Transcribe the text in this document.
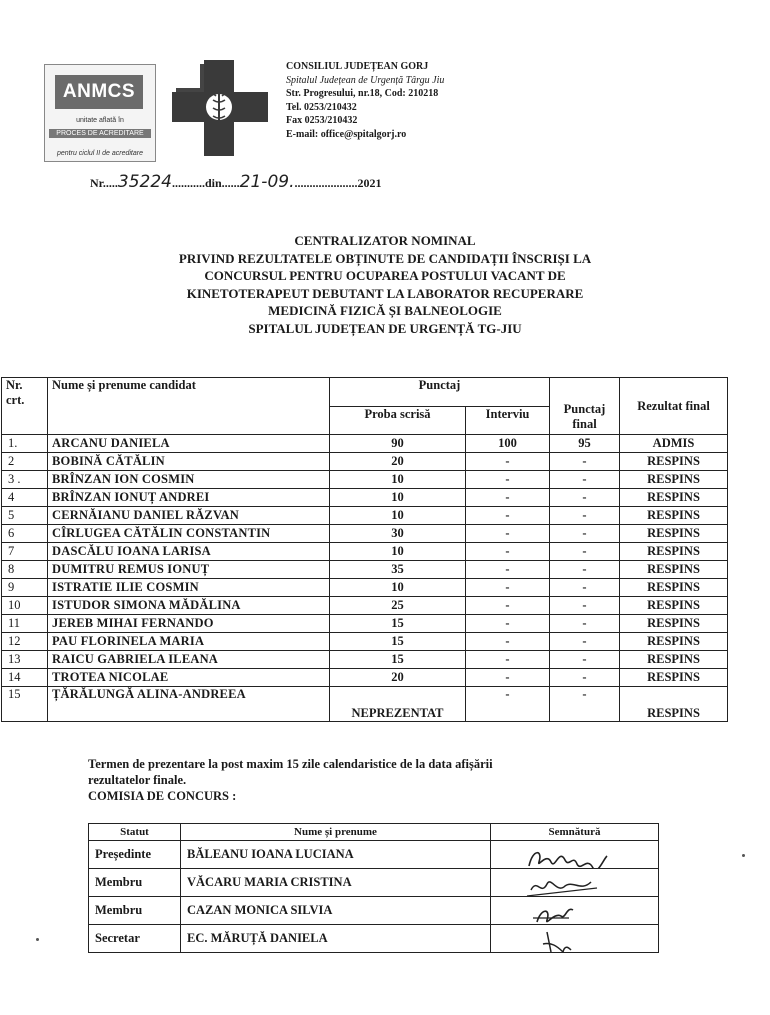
ANMCS
unitate aflată în
PROCES DE ACREDITARE
pentru ciclul II de acreditare
CONSILIUL JUDEȚEAN GORJ
Spitalul Județean de Urgență Târgu Jiu
Str. Progresului, nr.18, Cod: 210218
Tel. 0253/210432
Fax 0253/210432
E-mail: office@spitalgorj.ro
Nr.....35224...........din......21-09......................2021
CENTRALIZATOR NOMINAL
PRIVIND REZULTATELE OBȚINUTE DE CANDIDAȚII ÎNSCRIȘI LA
CONCURSUL PENTRU OCUPAREA POSTULUI VACANT DE
KINETOTERAPEUT DEBUTANT LA LABORATOR RECUPERARE
MEDICINĂ FIZICĂ ȘI BALNEOLOGIE
SPITALUL JUDEȚEAN DE URGENȚĂ TG-JIU
Nr. crt.	Nume și prenume candidat	Punctaj		Punctaj final	Rezultat final
		Proba scrisă	Interviu		
1.	ARCANU DANIELA	90	100	95	ADMIS
2	BOBINĂ CĂTĂLIN	20	-	-	RESPINS
3 .	BRÎNZAN ION COSMIN	10	-	-	RESPINS
4	BRÎNZAN IONUȚ ANDREI	10	-	-	RESPINS
5	CERNĂIANU DANIEL RĂZVAN	10	-	-	RESPINS
6	CÎRLUGEA CĂTĂLIN CONSTANTIN	30	-	-	RESPINS
7	DASCĂLU IOANA LARISA	10	-	-	RESPINS
8	DUMITRU REMUS IONUȚ	35	-	-	RESPINS
9	ISTRATIE ILIE COSMIN	10	-	-	RESPINS
10	ISTUDOR SIMONA MĂDĂLINA	25	-	-	RESPINS
11	JEREB MIHAI FERNANDO	15	-	-	RESPINS
12	PAU FLORINELA MARIA	15	-	-	RESPINS
13	RAICU GABRIELA ILEANA	15	-	-	RESPINS
14	TROTEA NICOLAE	20	-	-	RESPINS
15	ȚĂRĂLUNGĂ ALINA-ANDREEA	NEPREZENTAT	-	-	RESPINS
Termen de prezentare la post maxim 15 zile calendaristice de la data afișării
rezultatelor finale.
COMISIA DE CONCURS :
Statut	Nume și prenume	Semnătură
Președinte	BĂLEANU IOANA LUCIANA	

Membru	VĂCARU MARIA CRISTINA	

Membru	CAZAN MONICA SILVIA	

Secretar	EC. MĂRUȚĂ DANIELA	
